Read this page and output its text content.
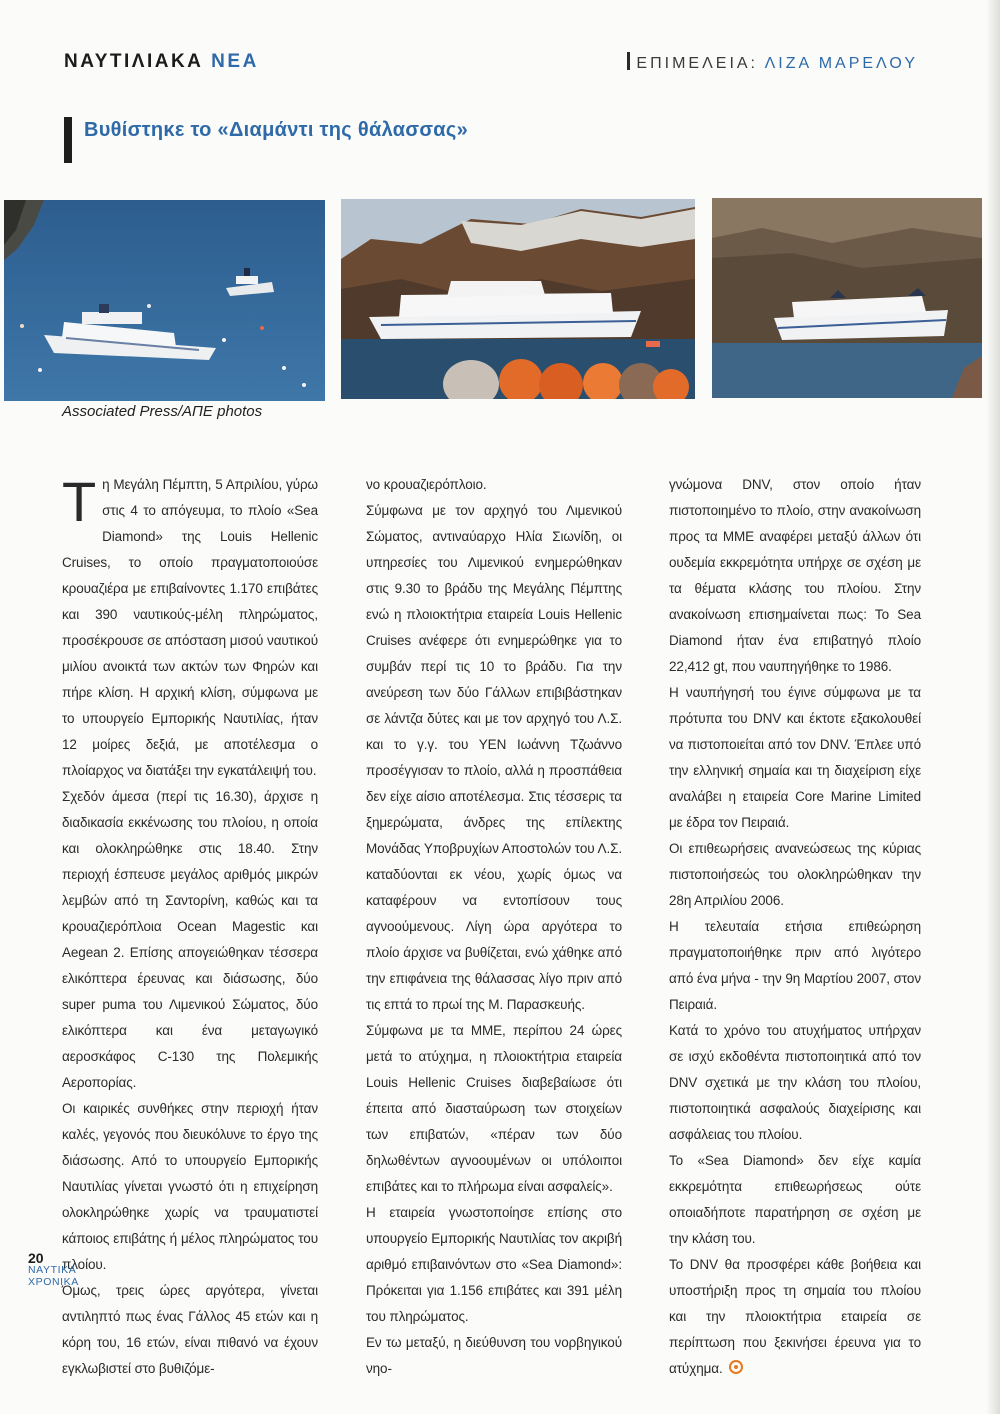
ΝΑΥΤΙΛΙΑΚΑ ΝΕΑ	ΕΠΙΜΕΛΕΙΑ: ΛΙΖΑ ΜΑΡΕΛΟΥ
Βυθίστηκε το «Διαμάντι της θάλασσας»
Associated Press/ΑΠΕ photos

Τη Μεγάλη Πέμπτη, 5 Απριλίου, γύρω στις 4 το απόγευμα, το πλοίο «Sea Diamond» της Louis Hellenic Cruises, το οποίο πραγματοποιούσε κρουαζιέρα με επιβαίνοντες 1.170 επιβάτες και 390 ναυτικούς-μέλη πληρώματος, προσέκρουσε σε απόσταση μισού ναυτικού μιλίου ανοικτά των ακτών των Φηρών και πήρε κλίση. Η αρχική κλίση, σύμφωνα με το υπουργείο Εμπορικής Ναυτιλίας, ήταν 12 μοίρες δεξιά, με αποτέλεσμα ο πλοίαρχος να διατάξει την εγκατάλειψή του.

Σχεδόν άμεσα (περί τις 16.30), άρχισε η διαδικασία εκκένωσης του πλοίου, η οποία και ολοκληρώθηκε στις 18.40. Στην περιοχή έσπευσε μεγάλος αριθμός μικρών λεμβών από τη Σαντορίνη, καθώς και τα κρουαζιερόπλοια Ocean Magestic και Aegean 2. Επίσης απογειώθηκαν τέσσερα ελικόπτερα έρευνας και διάσωσης, δύο super puma του Λιμενικού Σώματος, δύο ελικόπτερα και ένα μεταγωγικό αεροσκάφος C-130 της Πολεμικής Αεροπορίας.

Οι καιρικές συνθήκες στην περιοχή ήταν καλές, γεγονός που διευκόλυνε το έργο της διάσωσης. Από το υπουργείο Εμπορικής Ναυτιλίας γίνεται γνωστό ότι η επιχείρηση ολοκληρώθηκε χωρίς να τραυματιστεί κάποιος επιβάτης ή μέλος πληρώματος του πλοίου.

Όμως, τρεις ώρες αργότερα, γίνεται αντιληπτό πως ένας Γάλλος 45 ετών και η κόρη του, 16 ετών, είναι πιθανό να έχουν εγκλωβιστεί στο βυθιζόμε-

νο κρουαζιερόπλοιο.

Σύμφωνα με τον αρχηγό του Λιμενικού Σώματος, αντιναύαρχο Ηλία Σιωνίδη, οι υπηρεσίες του Λιμενικού ενημερώθηκαν στις 9.30 το βράδυ της Μεγάλης Πέμπτης ενώ η πλοιοκτήτρια εταιρεία Louis Hellenic Cruises ανέφερε ότι ενημερώθηκε για το συμβάν περί τις 10 το βράδυ. Για την ανεύρεση των δύο Γάλλων επιβιβάστηκαν σε λάντζα δύτες και με τον αρχηγό του Λ.Σ. και το γ.γ. του ΥΕΝ Ιωάννη Τζωάννο προσέγγισαν το πλοίο, αλλά η προσπάθεια δεν είχε αίσιο αποτέλεσμα. Στις τέσσερις τα ξημερώματα, άνδρες της επίλεκτης Μονάδας Υποβρυχίων Αποστολών του Λ.Σ. καταδύονται εκ νέου, χωρίς όμως να καταφέρουν να εντοπίσουν τους αγνοούμενους. Λίγη ώρα αργότερα το πλοίο άρχισε να βυθίζεται, ενώ χάθηκε από την επιφάνεια της θάλασσας λίγο πριν από τις επτά το πρωί της Μ. Παρασκευής.

Σύμφωνα με τα ΜΜΕ, περίπου 24 ώρες μετά το ατύχημα, η πλοιοκτήτρια εταιρεία Louis Hellenic Cruises διαβεβαίωσε ότι έπειτα από διασταύρωση των στοιχείων των επιβατών, «πέραν των δύο δηλωθέντων αγνοουμένων οι υπόλοιποι επιβάτες και το πλήρωμα είναι ασφαλείς».

Η εταιρεία γνωστοποίησε επίσης στο υπουργείο Εμπορικής Ναυτιλίας τον ακριβή αριθμό επιβαινόντων στο «Sea Diamond»: Πρόκειται για 1.156 επιβάτες και 391 μέλη του πληρώματος.

Εν τω μεταξύ, η διεύθυνση του νορβηγικού νηο-

γνώμονα DNV, στον οποίο ήταν πιστοποιημένο το πλοίο, στην ανακοίνωση προς τα ΜΜΕ αναφέρει μεταξύ άλλων ότι ουδεμία εκκρεμότητα υπήρχε σε σχέση με τα θέματα κλάσης του πλοίου. Στην ανακοίνωση επισημαίνεται πως: Το Sea Diamond ήταν ένα επιβατηγό πλοίο 22,412 gt, που ναυπηγήθηκε το 1986.

Η ναυπήγησή του έγινε σύμφωνα με τα πρότυπα του DNV και έκτοτε εξακολουθεί να πιστοποιείται από τον DNV. Έπλεε υπό την ελληνική σημαία και τη διαχείριση είχε αναλάβει η εταιρεία Core Marine Limited με έδρα τον Πειραιά.

Οι επιθεωρήσεις ανανεώσεως της κύριας πιστοποιήσεώς του ολοκληρώθηκαν την 28η Απριλίου 2006.

Η τελευταία ετήσια επιθεώρηση πραγματοποιήθηκε πριν από λιγότερο από ένα μήνα - την 9η Μαρτίου 2007, στον Πειραιά.

Κατά το χρόνο του ατυχήματος υπήρχαν σε ισχύ εκδοθέντα πιστοποιητικά από τον DNV σχετικά με την κλάση του πλοίου, πιστοποιητικά ασφαλούς διαχείρισης και ασφάλειας του πλοίου.

Το «Sea Diamond» δεν είχε καμία εκκρεμότητα επιθεωρήσεως ούτε οποιαδήποτε παρατήρηση σε σχέση με την κλάση του.

Το DNV θα προσφέρει κάθε βοήθεια και υποστήριξη προς τη σημαία του πλοίου και την πλοιοκτήτρια εταιρεία σε περίπτωση που ξεκινήσει έρευνα για το ατύχημα.

20
ΝΑΥΤΙΚΑ
ΧΡΟΝΙΚΑ
